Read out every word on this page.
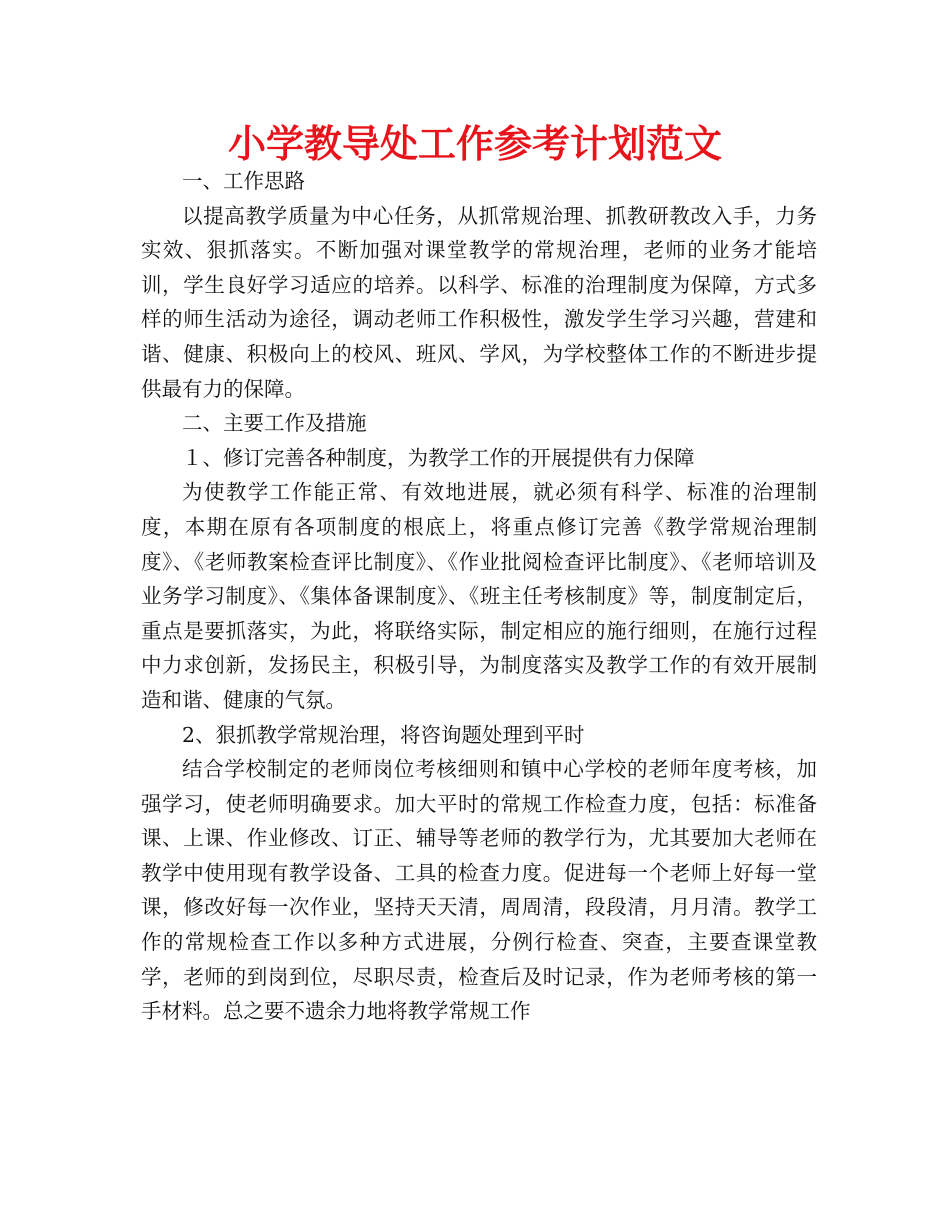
小学教导处工作参考计划范文

一、工作思路

以提高教学质量为中心任务，从抓常规治理、抓教研教改入手，力务实效、狠抓落实。不断加强对课堂教学的常规治理，老师的业务才能培训，学生良好学习适应的培养。以科学、标准的治理制度为保障，方式多样的师生活动为途径，调动老师工作积极性，激发学生学习兴趣，营建和谐、健康、积极向上的校风、班风、学风，为学校整体工作的不断进步提供最有力的保障。

二、主要工作及措施

１、修订完善各种制度，为教学工作的开展提供有力保障

为使教学工作能正常、有效地进展，就必须有科学、标准的治理制度，本期在原有各项制度的根底上，将重点修订完善《教学常规治理制度》、《老师教案检查评比制度》、《作业批阅检查评比制度》、《老师培训及业务学习制度》、《集体备课制度》、《班主任考核制度》等，制度制定后，重点是要抓落实，为此，将联络实际，制定相应的施行细则，在施行过程中力求创新，发扬民主，积极引导，为制度落实及教学工作的有效开展制造和谐、健康的气氛。

2、狠抓教学常规治理，将咨询题处理到平时

结合学校制定的老师岗位考核细则和镇中心学校的老师年度考核，加强学习，使老师明确要求。加大平时的常规工作检查力度，包括：标准备课、上课、作业修改、订正、辅导等老师的教学行为，尤其要加大老师在教学中使用现有教学设备、工具的检查力度。促进每一个老师上好每一堂课，修改好每一次作业，坚持天天清，周周清，段段清，月月清。教学工作的常规检查工作以多种方式进展，分例行检查、突查，主要查课堂教学，老师的到岗到位，尽职尽责，检查后及时记录，作为老师考核的第一手材料。总之要不遗余力地将教学常规工作
